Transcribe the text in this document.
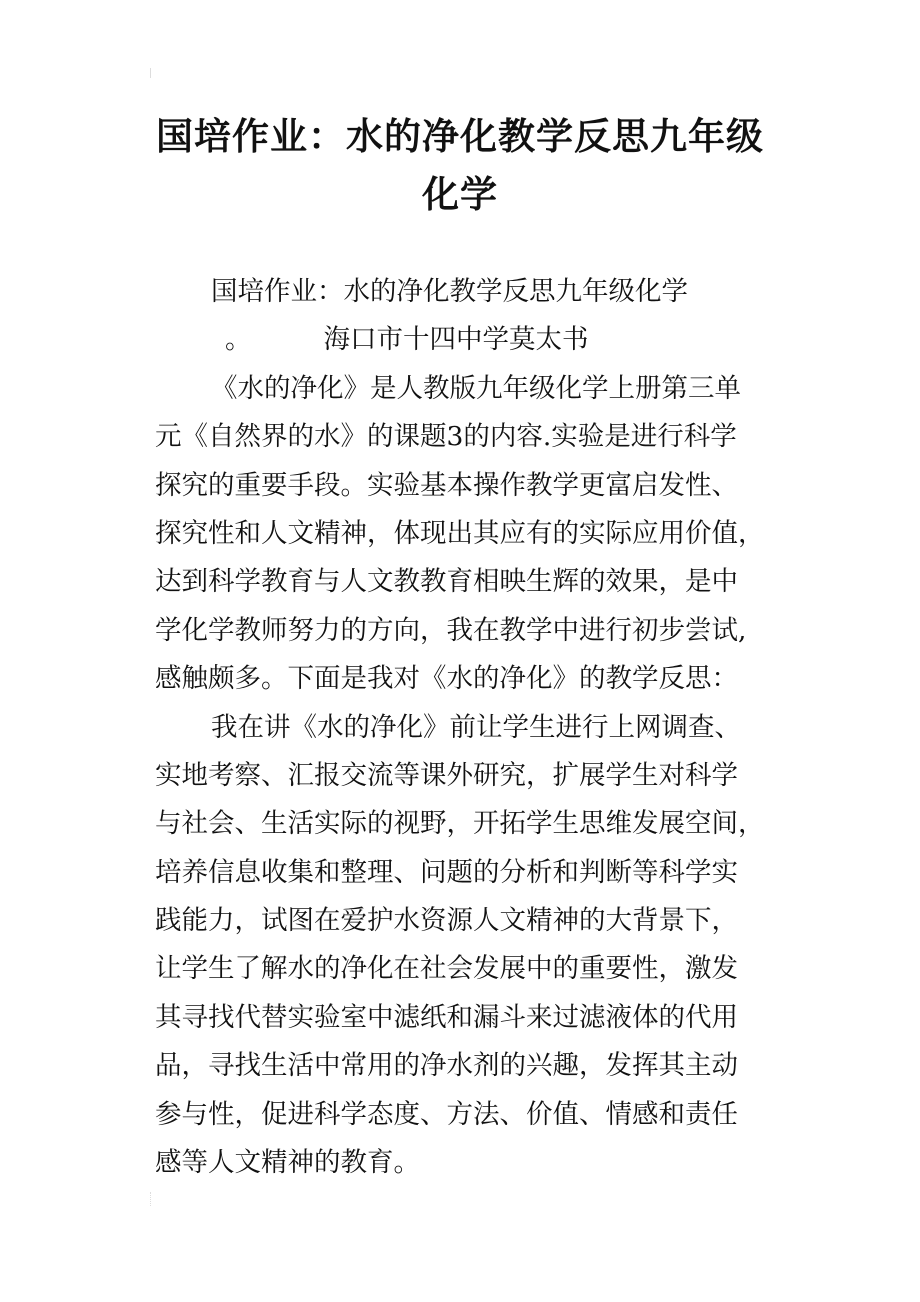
国培作业：水的净化教学反思九年级
化学
国培作业：水的净化教学反思九年级化学
。	海口市十四中学莫太书
《水的净化》是人教版九年级化学上册第三单
元《自然界的水》的课题3的内容.实验是进行科学
探究的重要手段。实验基本操作教学更富启发性、
探究性和人文精神，体现出其应有的实际应用价值，
达到科学教育与人文教教育相映生辉的效果，是中
学化学教师努力的方向，我在教学中进行初步尝试,
感触颇多。下面是我对《水的净化》的教学反思：
我在讲《水的净化》前让学生进行上网调查、
实地考察、汇报交流等课外研究，扩展学生对科学
与社会、生活实际的视野，开拓学生思维发展空间，
培养信息收集和整理、问题的分析和判断等科学实
践能力，试图在爱护水资源人文精神的大背景下，
让学生了解水的净化在社会发展中的重要性，激发
其寻找代替实验室中滤纸和漏斗来过滤液体的代用
品，寻找生活中常用的净水剂的兴趣，发挥其主动
参与性，促进科学态度、方法、价值、情感和责任
感等人文精神的教育。
